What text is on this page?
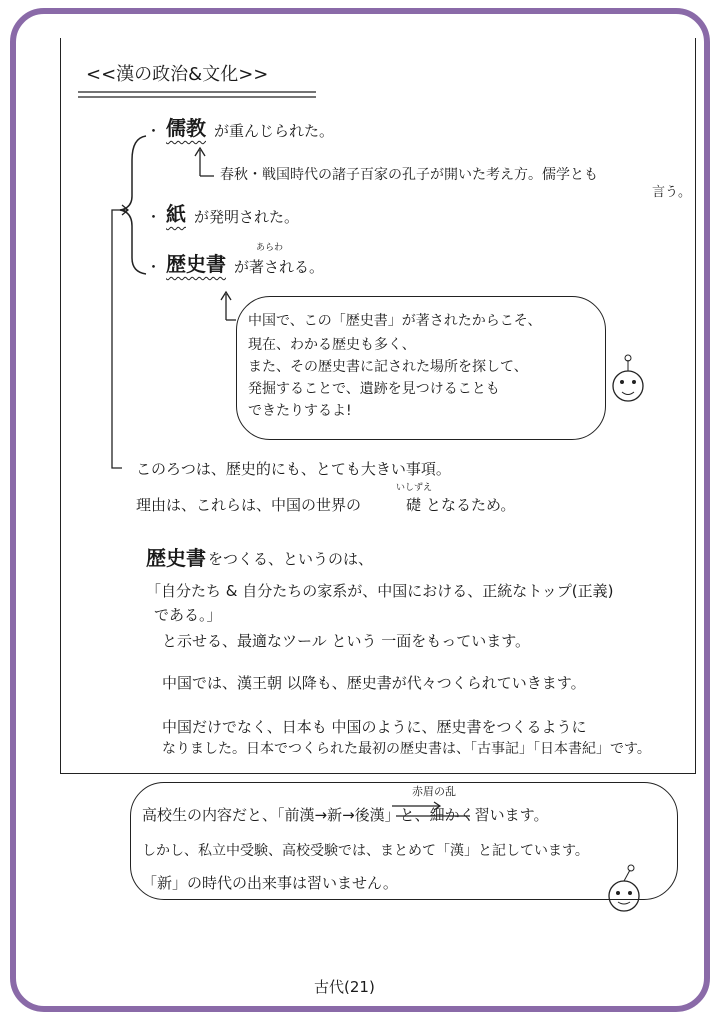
<<漢の政治&文化>>
・ 儒教 が重んじられた。
春秋・戦国時代の諸子百家の孔子が開いた考え方。儒学とも
言う。
・ 紙 が発明された。
・ 歴史書
あらわ
が著される。
中国で、この「歴史書」が著されたからこそ、
現在、わかる歴史も多く、
また、その歴史書に記された場所を探して、
発掘することで、遺跡を見つけることも
できたりするよ!
このろつは、歴史的にも、とても大きい事項。
理由は、これらは、中国の世界の	礎
いしずえ
となるため。
歴史書 をつくる、というのは、
「自分たち & 自分たちの家系が、中国における、正統なトップ(正義)
である。」
と示せる、最適なツール という 一面をもっています。
中国では、漢王朝 以降も、歴史書が代々つくられていきます。
中国だけでなく、日本も 中国のように、歴史書をつくるように
なりました。日本でつくられた最初の歴史書は、「古事記」「日本書紀」です。
赤眉の乱
高校生の内容だと、「前漢→新→後漢」と、細かく習います。
しかし、私立中受験、高校受験では、まとめて「漢」と記しています。
「新」の時代の出来事は習いません。
古代(21)
